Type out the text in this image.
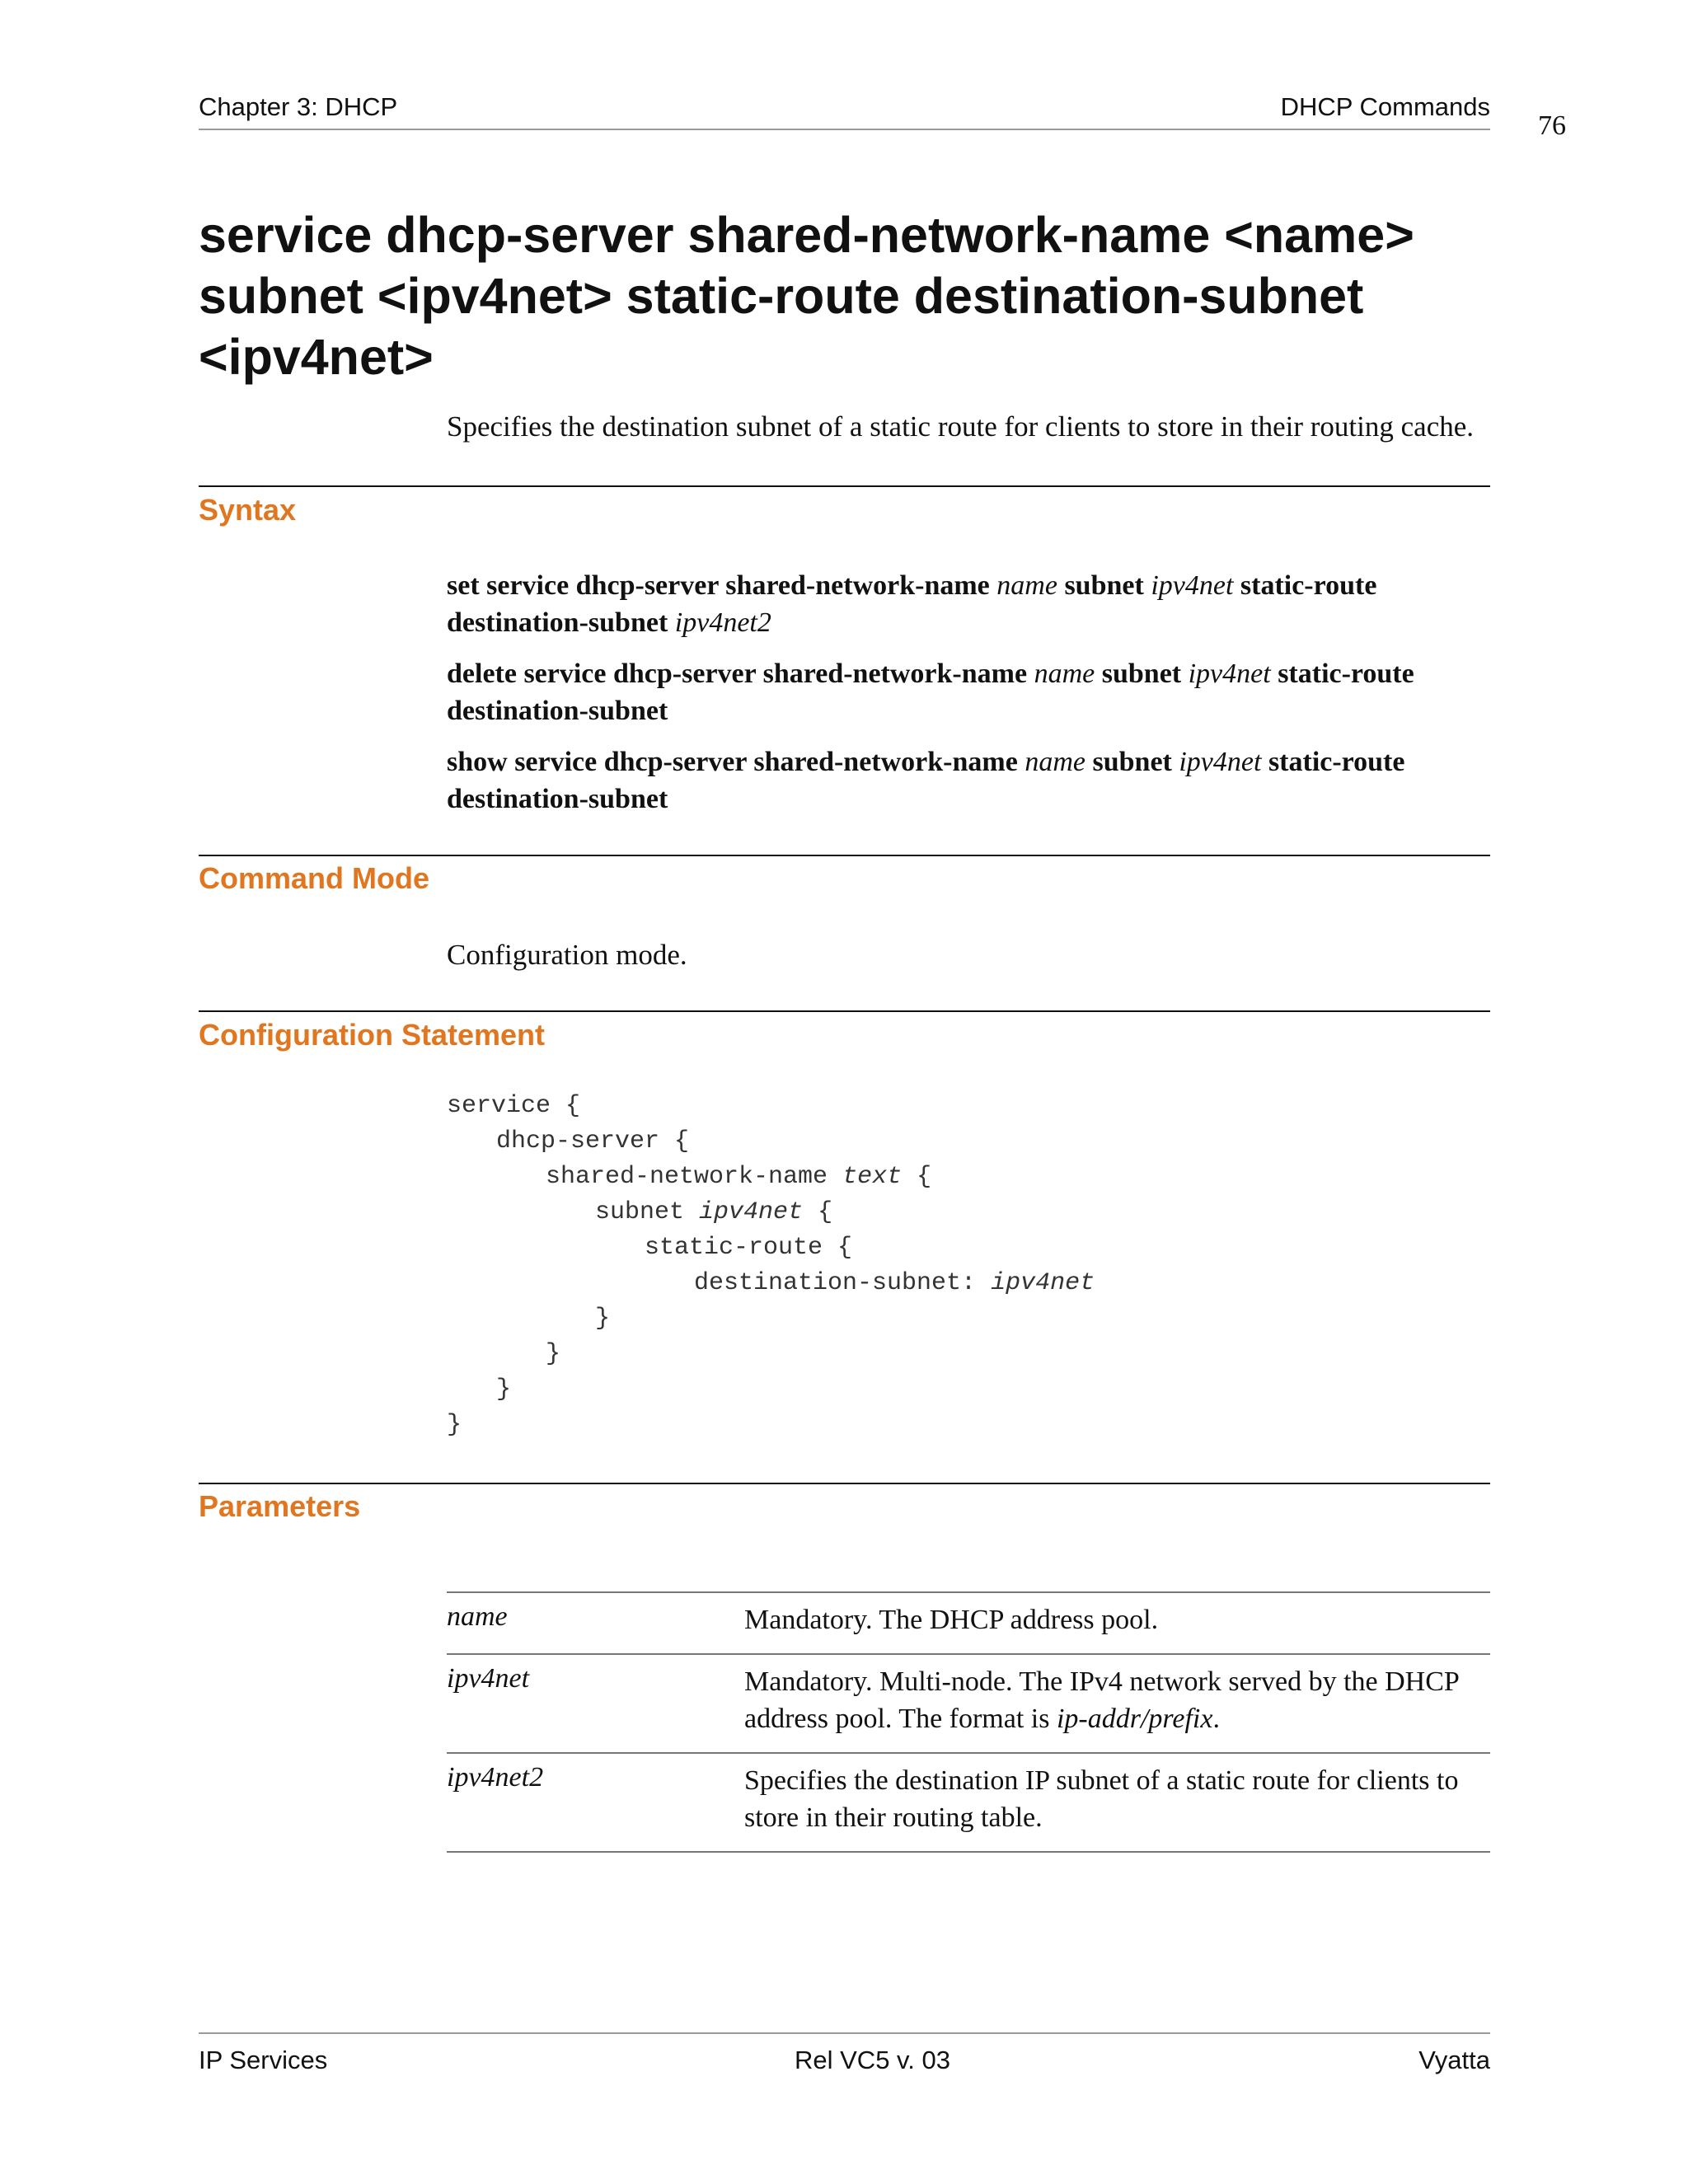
Chapter 3: DHCP	DHCP Commands
76
service dhcp-server shared-network-name <name> subnet <ipv4net> static-route destination-subnet <ipv4net>
Specifies the destination subnet of a static route for clients to store in their routing cache.
Syntax
set service dhcp-server shared-network-name name subnet ipv4net static-route destination-subnet ipv4net2
delete service dhcp-server shared-network-name name subnet ipv4net static-route destination-subnet
show service dhcp-server shared-network-name name subnet ipv4net static-route destination-subnet
Command Mode
Configuration mode.
Configuration Statement
service {
dhcp-server {
shared-network-name text {
subnet ipv4net {
static-route {
destination-subnet: ipv4net
}
}
}
}
Parameters
name	Mandatory. The DHCP address pool.
ipv4net	Mandatory. Multi-node. The IPv4 network served by the DHCP address pool. The format is ip-addr/prefix.
ipv4net2	Specifies the destination IP subnet of a static route for clients to store in their routing table.
IP Services	Rel VC5 v. 03	Vyatta
